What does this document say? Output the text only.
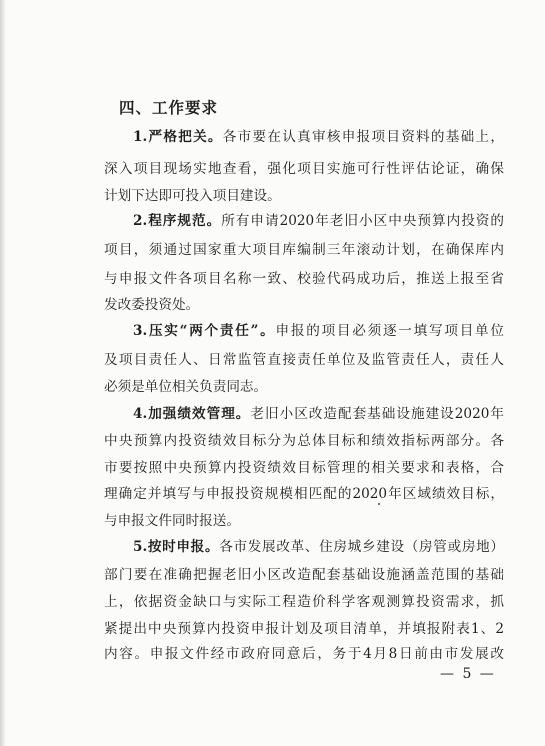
四、工作要求
1.严格把关。各市要在认真审核申报项目资料的基础上，
深入项目现场实地查看，强化项目实施可行性评估论证，确保
计划下达即可投入项目建设。
2.程序规范。所有申请2020年老旧小区中央预算内投资的
项目，须通过国家重大项目库编制三年滚动计划，在确保库内
与申报文件各项目名称一致、校验代码成功后，推送上报至省
发改委投资处。
3.压实“两个责任”。申报的项目必须逐一填写项目单位
及项目责任人、日常监管直接责任单位及监管责任人，责任人
必须是单位相关负责同志。
4.加强绩效管理。老旧小区改造配套基础设施建设2020年
中央预算内投资绩效目标分为总体目标和绩效指标两部分。各
市要按照中央预算内投资绩效目标管理的相关要求和表格，合
理确定并填写与申报投资规模相匹配的2020年区域绩效目标，
与申报文件同时报送。
5.按时申报。各市发展改革、住房城乡建设（房管或房地）
部门要在准确把握老旧小区改造配套基础设施涵盖范围的基础
上，依据资金缺口与实际工程造价科学客观测算投资需求，抓
紧提出中央预算内投资申报计划及项目清单，并填报附表1、2
内容。申报文件经市政府同意后，务于4月8日前由市发展改
— 5 —
